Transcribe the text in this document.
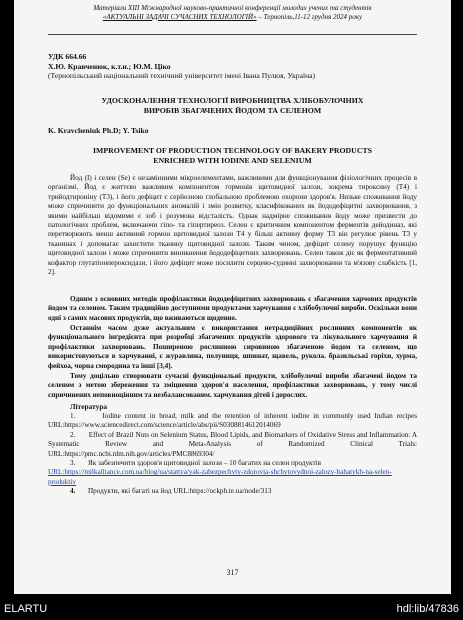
Матеріали XIII Міжнародної науково-практичної конференції молодих учених та студентів
«АКТУАЛЬНІ ЗАДАЧІ СУЧАСНИХ ТЕХНОЛОГІЙ» – Тернопіль,11-12 грудня 2024 року
УДК 664.66
Х.Ю. Кравченюк, к.т.н.; Ю.М. Ціко
(Тернопільський національний технічний університет імені Івана Пулюя, Україна)
УДОСКОНАЛЕННЯ ТЕХНОЛОГІЇ ВИРОБНИЦТВА ХЛІБОБУЛОЧНИХ ВИРОБІВ ЗБАГАЧЕНИХ ЙОДОМ ТА СЕЛЕНОМ
K. Kravcheniuk Ph.D; Y. Tsiko
IMPROVEMENT OF PRODUCTION TECHNOLOGY OF BAKERY PRODUCTS ENRICHED WITH IODINE AND SELENIUM
Йод (І) і селен (Se) є незамінними мікроелементами, важливими для функціонування фізіологічних процесів в організмі. Йод є життєво важливим компонентом гормонів щитовидної залози, зокрема тироксину (Т4) і трийодтироніну (Т3), і його дефіцит є серйозною глобальною проблемою охорони здоров'я. Низьке споживання йоду може спричинити до функціональних аномалій і змін розвитку, класифікованих як йододефіцитні захворювання, з якими найбільш відомими є зоб і розумова відсталість. Однак надмірне споживання йоду може призвести до патологічних проблем, включаючи гіпо- та гіпертиреоз. Селен є критичним компонентом ферментів дейодиназ, які перетворюють менш активний гормон щитовидної залози Т4 у більш активну форму Т3 він регулює рівень Т3 у тканинах і допомагає захистити тканину щитовидної залози. Таким чином, дефіцит селену порушує функцію щитовидної залози і може спричинити виникнення йододефіцитних захворювань. Селен також діє як ферментативний кофактор глутатіонпероксидази, і його дефіцит може посилити серцево-судинні захворювання та м'язову слабкість [1, 2].
Одним з основних методів профілактики йододефіцитних захворювань є збагачення харчових продуктів йодом та селеном. Таким традиційно доступними продуктами харчування є хлібобулочні вироби. Оскільки вони одні з самих масових продуктів, що вживаються щоденно.
Останнім часом дуже актуальним є використання нетрадиційних рослинних компонентів як функціонального інгредієнта при розробці збагачених продуктів здорового та лікувального харчування й профілактики захворювань. Поширеною рослинною сировиною збагаченою йодом та селеном, що використовуються в харчуванні, є журавлина, полуниця, шпинат, щавель, рукола. бразильські горіхи, хурма, фейхоа, чорна смородина та інші [3,4].
Тому доцільно створювати сучасні функціональні продукти, хлібобулочні вироби збагачені йодом та селеном з метою збереження та зміцнення здоров'я населення, профілактики захворювань, у тому числі спричинених неповноцінним та незбалансованим. харчування дітей і дорослих.
Література
1.	Iodine content in bread, milk and the retention of inherent iodine in commonly used Indian recipes URL:https://www.sciencedirect.com/science/article/abs/pii/S0308814612014069
2. Effect of Brazil Nuts on Selenium Status, Blood Lipids, and Biomarkers of Oxidative Stress and Inflammation: A Systematic Review and Meta-Analysis of Randomized Clinical Trials: URL:https://pmc.ncbi.nlm.nih.gov/articles/PMC8869304/
3. Як забезпечити здоров'я щитовидної залози – 10 багатих на селен продуктів
URL:https://milkalliance.com.ua/blog/ua/stattya/yak-zabezpechyty-zdorovia-shchytovydnoi-zalozy-bahatykh-na-selen-produktiv
4. Продукти, які багаті на йод URL:https://ockph.te.ua/node/313
317
ELARTU	hdl:lib/47836
